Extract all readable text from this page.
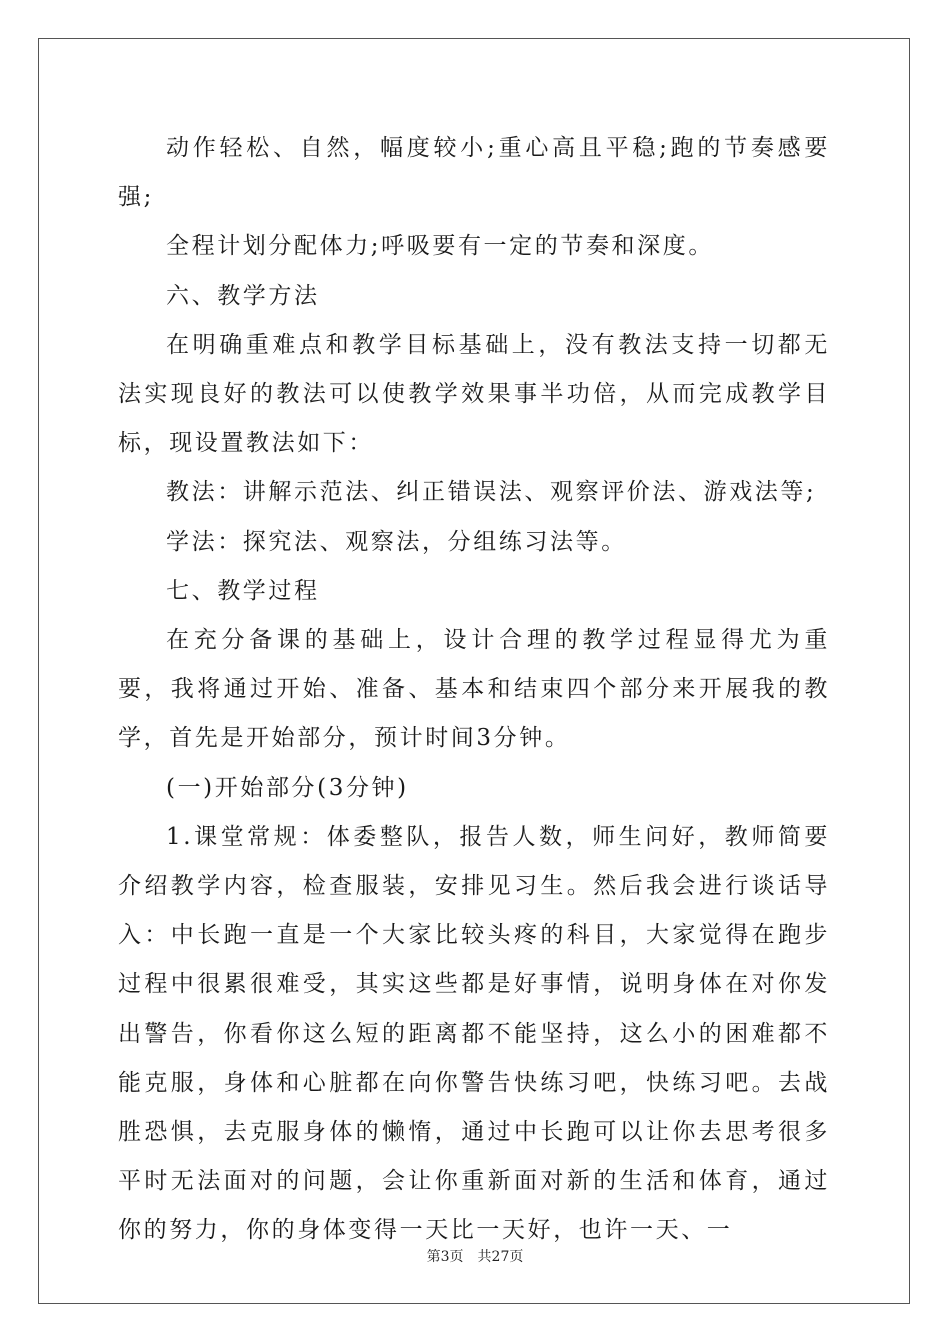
动作轻松、自然，幅度较小;重心高且平稳;跑的节奏感要强;

全程计划分配体力;呼吸要有一定的节奏和深度。

六、教学方法

在明确重难点和教学目标基础上，没有教法支持一切都无法实现良好的教法可以使教学效果事半功倍，从而完成教学目标，现设置教法如下：

教法：讲解示范法、纠正错误法、观察评价法、游戏法等;

学法：探究法、观察法，分组练习法等。

七、教学过程

在充分备课的基础上，设计合理的教学过程显得尤为重要，我将通过开始、准备、基本和结束四个部分来开展我的教学，首先是开始部分，预计时间3分钟。

(一)开始部分(3分钟)

1.课堂常规：体委整队，报告人数，师生问好，教师简要介绍教学内容，检查服装，安排见习生。然后我会进行谈话导入：中长跑一直是一个大家比较头疼的科目，大家觉得在跑步过程中很累很难受，其实这些都是好事情，说明身体在对你发出警告，你看你这么短的距离都不能坚持，这么小的困难都不能克服，身体和心脏都在向你警告快练习吧，快练习吧。去战胜恐惧，去克服身体的懒惰，通过中长跑可以让你去思考很多平时无法面对的问题，会让你重新面对新的生活和体育，通过你的努力，你的身体变得一天比一天好，也许一天、一

第3页　共27页
